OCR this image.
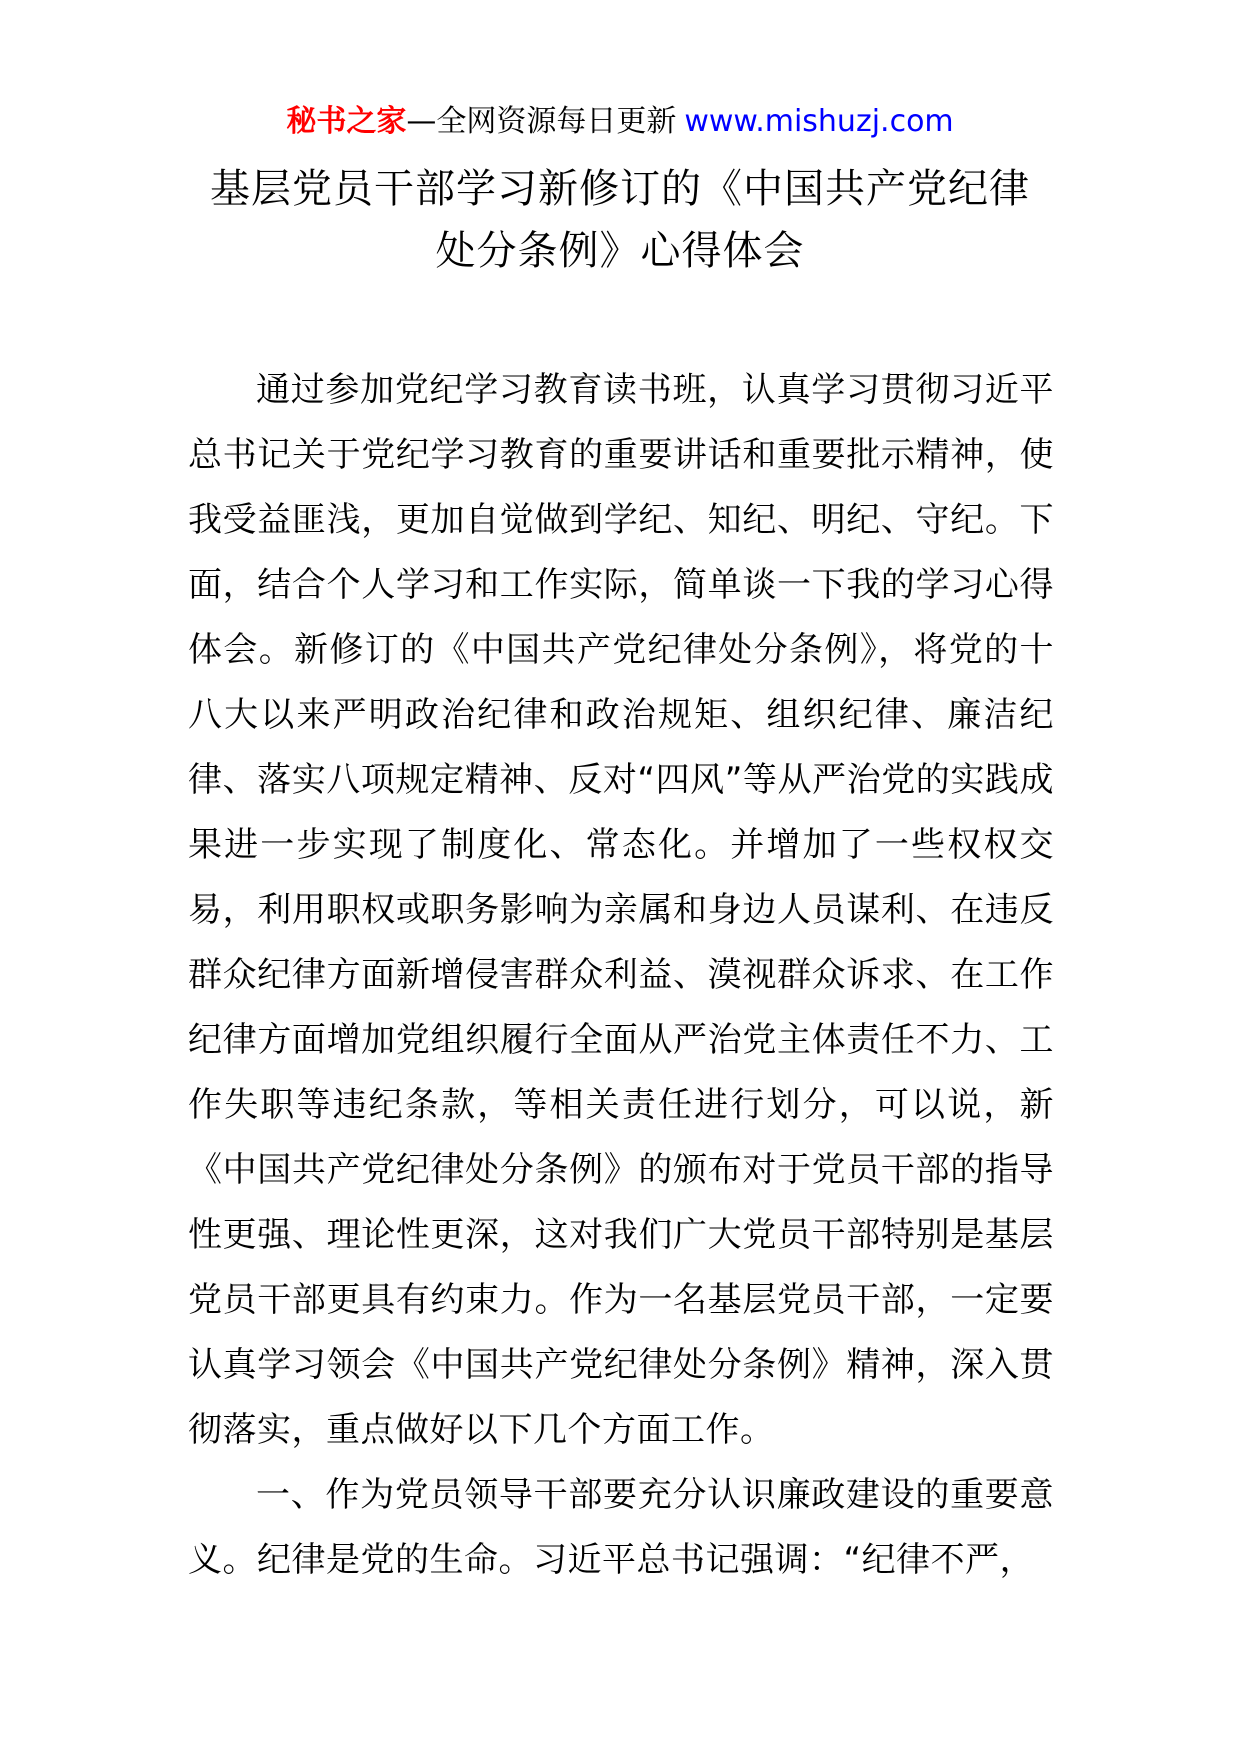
秘书之家—全网资源每日更新 www.mishuzj.com
基层党员干部学习新修订的《中国共产党纪律
处分条例》心得体会

通过参加党纪学习教育读书班，认真学习贯彻习近平总书记关于党纪学习教育的重要讲话和重要批示精神，使我受益匪浅，更加自觉做到学纪、知纪、明纪、守纪。下面，结合个人学习和工作实际，简单谈一下我的学习心得体会。新修订的《中国共产党纪律处分条例》，将党的十八大以来严明政治纪律和政治规矩、组织纪律、廉洁纪律、落实八项规定精神、反对“四风”等从严治党的实践成果进一步实现了制度化、常态化。并增加了一些权权交易，利用职权或职务影响为亲属和身边人员谋利、在违反群众纪律方面新增侵害群众利益、漠视群众诉求、在工作纪律方面增加党组织履行全面从严治党主体责任不力、工作失职等违纪条款，等相关责任进行划分，可以说，新《中国共产党纪律处分条例》的颁布对于党员干部的指导性更强、理论性更深，这对我们广大党员干部特别是基层党员干部更具有约束力。作为一名基层党员干部，一定要认真学习领会《中国共产党纪律处分条例》精神，深入贯彻落实，重点做好以下几个方面工作。

一、作为党员领导干部要充分认识廉政建设的重要意义。纪律是党的生命。习近平总书记强调：“纪律不严，
